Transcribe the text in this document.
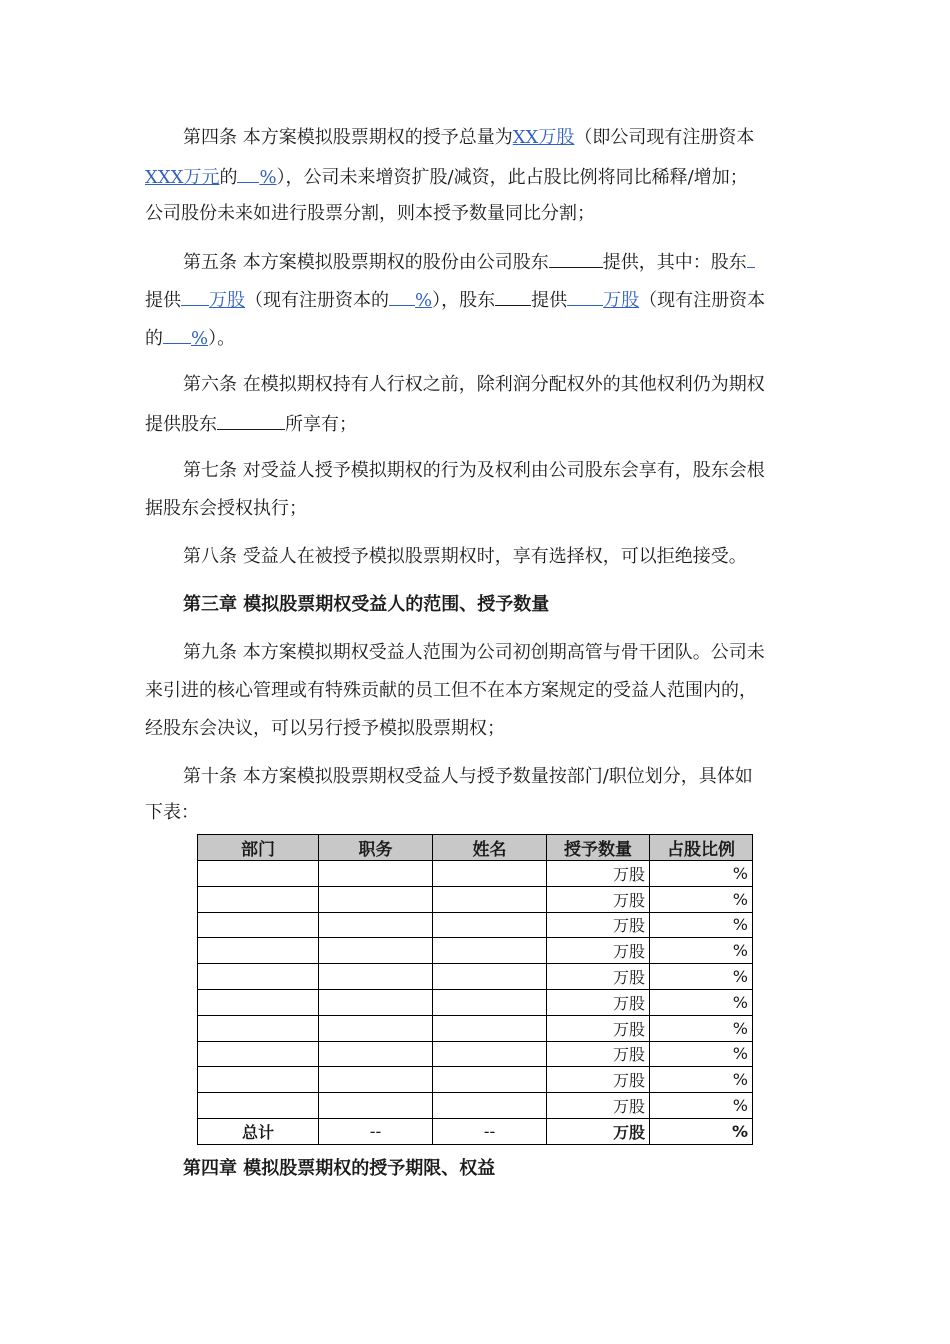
第四条 本方案模拟股票期权的授予总量为XX万股（即公司现有注册资本
XXX万元的 %），公司未来增资扩股/减资，此占股比例将同比稀释/增加；
公司股份未来如进行股票分割，则本授予数量同比分割；
第五条 本方案模拟股票期权的股份由公司股东	提供，其中：股东
提供 万股（现有注册资本的 %），股东 提供 万股（现有注册资本
的 %）。
第六条 在模拟期权持有人行权之前，除利润分配权外的其他权利仍为期权
提供股东	所享有；
第七条 对受益人授予模拟期权的行为及权利由公司股东会享有，股东会根
据股东会授权执行；
第八条 受益人在被授予模拟股票期权时，享有选择权，可以拒绝接受。
第三章 模拟股票期权受益人的范围、授予数量
第九条 本方案模拟期权受益人范围为公司初创期高管与骨干团队。公司未
来引进的核心管理或有特殊贡献的员工但不在本方案规定的受益人范围内的，
经股东会决议，可以另行授予模拟股票期权；
第十条 本方案模拟股票期权受益人与授予数量按部门/职位划分，具体如
下表：
部门	职务	姓名	授予数量	占股比例
			万股	%
			万股	%
			万股	%
			万股	%
			万股	%
			万股	%
			万股	%
			万股	%
			万股	%
			万股	%
总计	--	--	万股	%
第四章 模拟股票期权的授予期限、权益
